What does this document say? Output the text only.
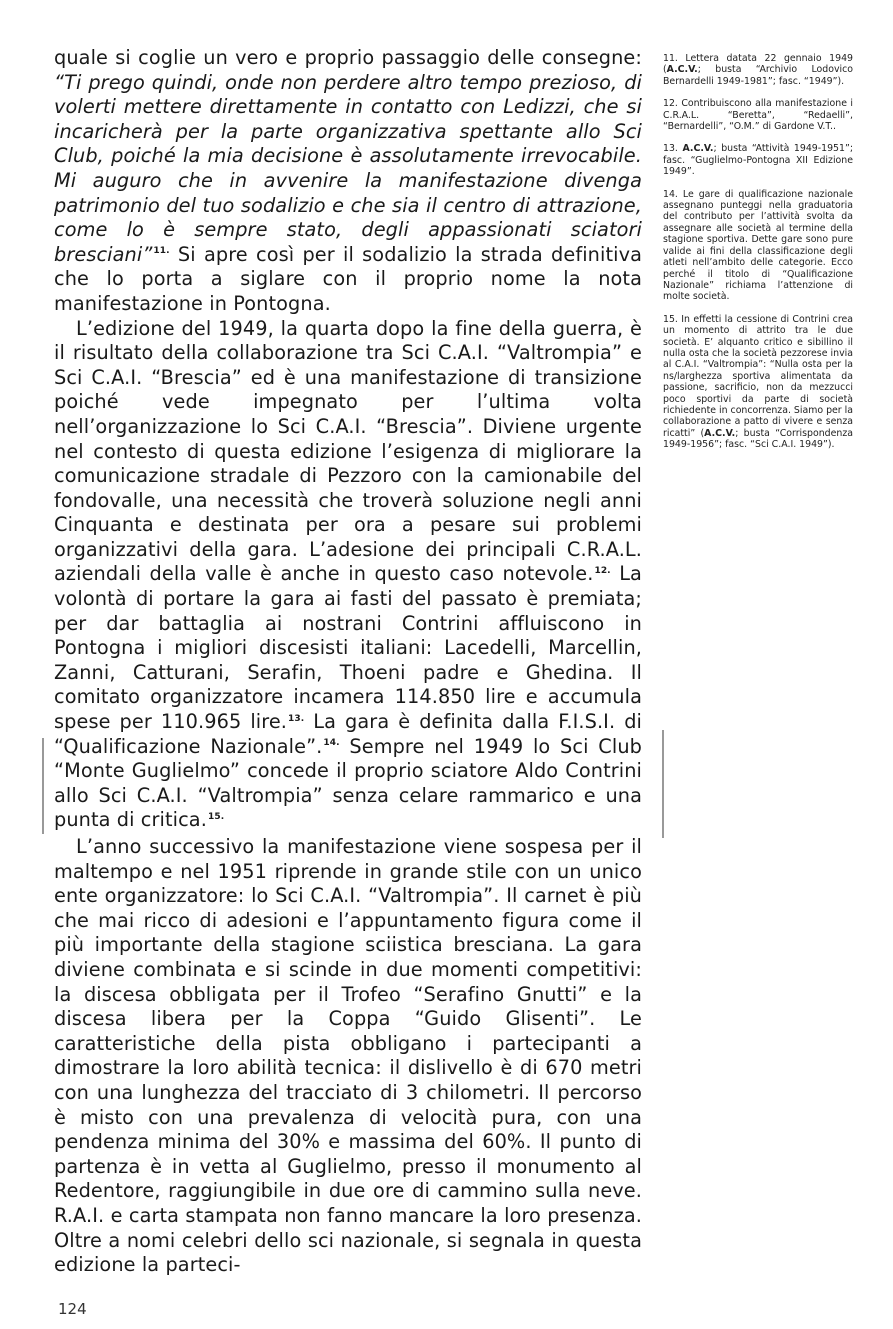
quale si coglie un vero e proprio passaggio delle consegne: “Ti prego quindi, onde non perdere altro tempo prezioso, di volerti mettere direttamente in contatto con Ledizzi, che si incaricherà per la parte organizzativa spettante allo Sci Club, poiché la mia decisione è assolutamente irrevocabile. Mi auguro che in avvenire la manifestazione divenga patrimonio del tuo sodalizio e che sia il centro di attrazione, come lo è sempre stato, degli appassionati sciatori bresciani”$^{11.}$ Si apre così per il sodalizio la strada definitiva che lo porta a siglare con il proprio nome la nota manifestazione in Pontogna.

L’edizione del 1949, la quarta dopo la fine della guerra, è il risultato della collaborazione tra Sci C.A.I. “Valtrompia” e Sci C.A.I. “Brescia” ed è una manifestazione di transizione poiché vede impegnato per l’ultima volta nell’organizzazione lo Sci C.A.I. “Brescia”. Diviene urgente nel contesto di questa edizione l’esigenza di migliorare la comunicazione stradale di Pezzoro con la camionabile del fondovalle, una necessità che troverà soluzione negli anni Cinquanta e destinata per ora a pesare sui problemi organizzativi della gara. L’adesione dei principali C.R.A.L. aziendali della valle è anche in questo caso notevole.$^{12.}$ La volontà di portare la gara ai fasti del passato è premiata; per dar battaglia ai nostrani Contrini affluiscono in Pontogna i migliori discesisti italiani: Lacedelli, Marcellin, Zanni, Catturani, Serafin, Thoeni padre e Ghedina. Il comitato organizzatore incamera 114.850 lire e accumula spese per 110.965 lire.$^{13.}$ La gara è definita dalla F.I.S.I. di “Qualificazione Nazionale”.$^{14.}$ Sempre nel 1949 lo Sci Club “Monte Guglielmo” concede il proprio sciatore Aldo Contrini allo Sci C.A.I. “Valtrompia” senza celare rammarico e una punta di critica.$^{15.}$

L’anno successivo la manifestazione viene sospesa per il maltempo e nel 1951 riprende in grande stile con un unico ente organizzatore: lo Sci C.A.I. “Valtrompia”. Il carnet è più che mai ricco di adesioni e l’appuntamento figura come il più importante della stagione sciistica bresciana. La gara diviene combinata e si scinde in due momenti competitivi: la discesa obbligata per il Trofeo “Serafino Gnutti” e la discesa libera per la Coppa “Guido Glisenti”. Le caratteristiche della pista obbligano i partecipanti a dimostrare la loro abilità tecnica: il dislivello è di 670 metri con una lunghezza del tracciato di 3 chilometri. Il percorso è misto con una prevalenza di velocità pura, con una pendenza minima del 30% e massima del 60%. Il punto di partenza è in vetta al Guglielmo, presso il monumento al Redentore, raggiungibile in due ore di cammino sulla neve. R.A.I. e carta stampata non fanno mancare la loro presenza. Oltre a nomi celebri dello sci nazionale, si segnala in questa edizione la parteci-

11. Lettera datata 22 gennaio 1949 (A.C.V.; busta “Archivio Lodovico Bernardelli 1949-1981”; fasc. “1949”).

12. Contribuiscono alla manifestazione i C.R.A.L. “Beretta”, “Redaelli”, “Bernardelli”, “O.M.” di Gardone V.T..

13. A.C.V.; busta “Attività 1949-1951”; fasc. “Guglielmo-Pontogna XII Edizione 1949”.

14. Le gare di qualificazione nazionale assegnano punteggi nella graduatoria del contributo per l’attività svolta da assegnare alle società al termine della stagione sportiva. Dette gare sono pure valide ai fini della classificazione degli atleti nell’ambito delle categorie. Ecco perché il titolo di “Qualificazione Nazionale” richiama l’attenzione di molte società.

15. In effetti la cessione di Contrini crea un momento di attrito tra le due società. E’ alquanto critico e sibillino il nulla osta che la società pezzorese invia al C.A.I. “Valtrompia”: “Nulla osta per la ns/larghezza sportiva alimentata da passione, sacrificio, non da mezzucci poco sportivi da parte di società richiedente in concorrenza. Siamo per la collaborazione a patto di vivere e senza ricatti” (A.C.V.; busta “Corrispondenza 1949-1956”; fasc. “Sci C.A.I. 1949”).

124
